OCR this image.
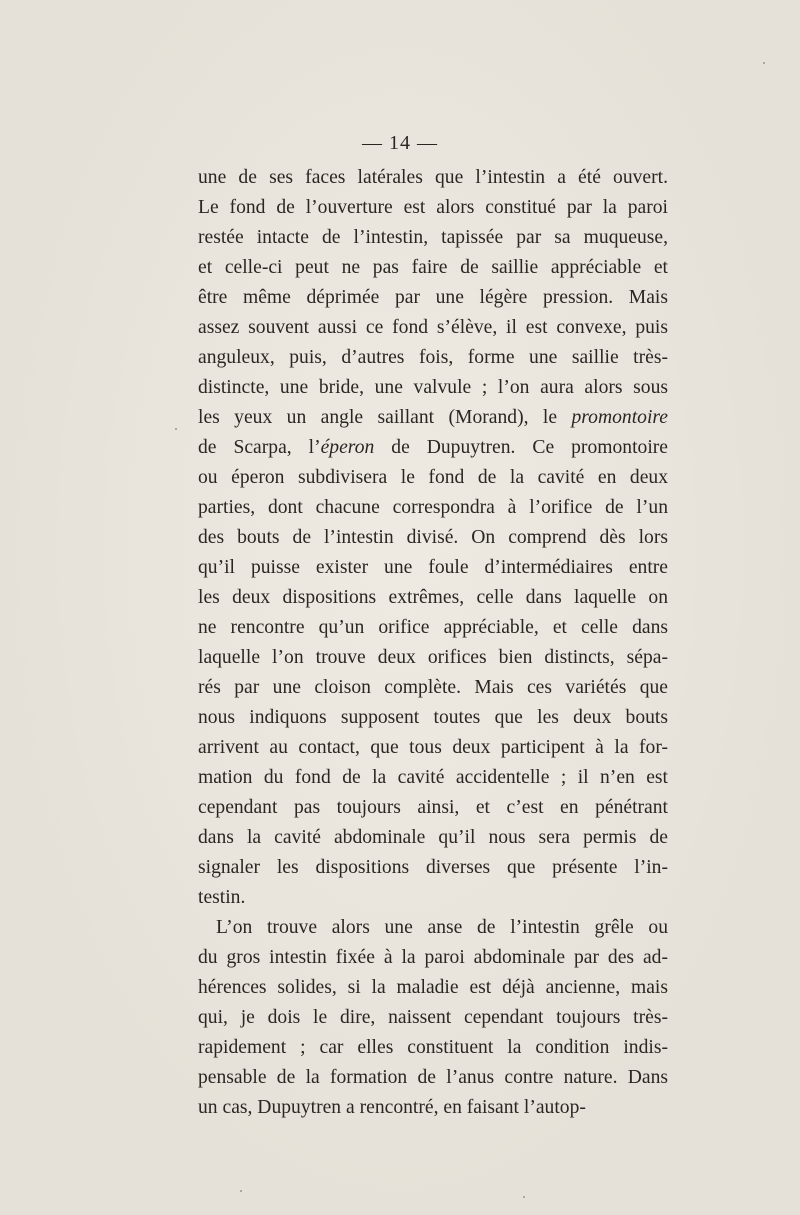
— 14 —
une de ses faces latérales que l’intestin a été ouvert.
Le fond de l’ouverture est alors constitué par la paroi
restée intacte de l’intestin, tapissée par sa muqueuse,
et celle-ci peut ne pas faire de saillie appréciable et
être même déprimée par une légère pression. Mais
assez souvent aussi ce fond s’élève, il est convexe, puis
anguleux, puis, d’autres fois, forme une saillie très-
distincte, une bride, une valvule ; l’on aura alors sous
les yeux un angle saillant (Morand), le promontoire
de Scarpa, l’éperon de Dupuytren. Ce promontoire
ou éperon subdivisera le fond de la cavité en deux
parties, dont chacune correspondra à l’orifice de l’un
des bouts de l’intestin divisé. On comprend dès lors
qu’il puisse exister une foule d’intermédiaires entre
les deux dispositions extrêmes, celle dans laquelle on
ne rencontre qu’un orifice appréciable, et celle dans
laquelle l’on trouve deux orifices bien distincts, sépa-
rés par une cloison complète. Mais ces variétés que
nous indiquons supposent toutes que les deux bouts
arrivent au contact, que tous deux participent à la for-
mation du fond de la cavité accidentelle ; il n’en est
cependant pas toujours ainsi, et c’est en pénétrant
dans la cavité abdominale qu’il nous sera permis de
signaler les dispositions diverses que présente l’in-
testin.
L’on trouve alors une anse de l’intestin grêle ou
du gros intestin fixée à la paroi abdominale par des ad-
hérences solides, si la maladie est déjà ancienne, mais
qui, je dois le dire, naissent cependant toujours très-
rapidement ; car elles constituent la condition indis-
pensable de la formation de l’anus contre nature. Dans
un cas, Dupuytren a rencontré, en faisant l’autop-
